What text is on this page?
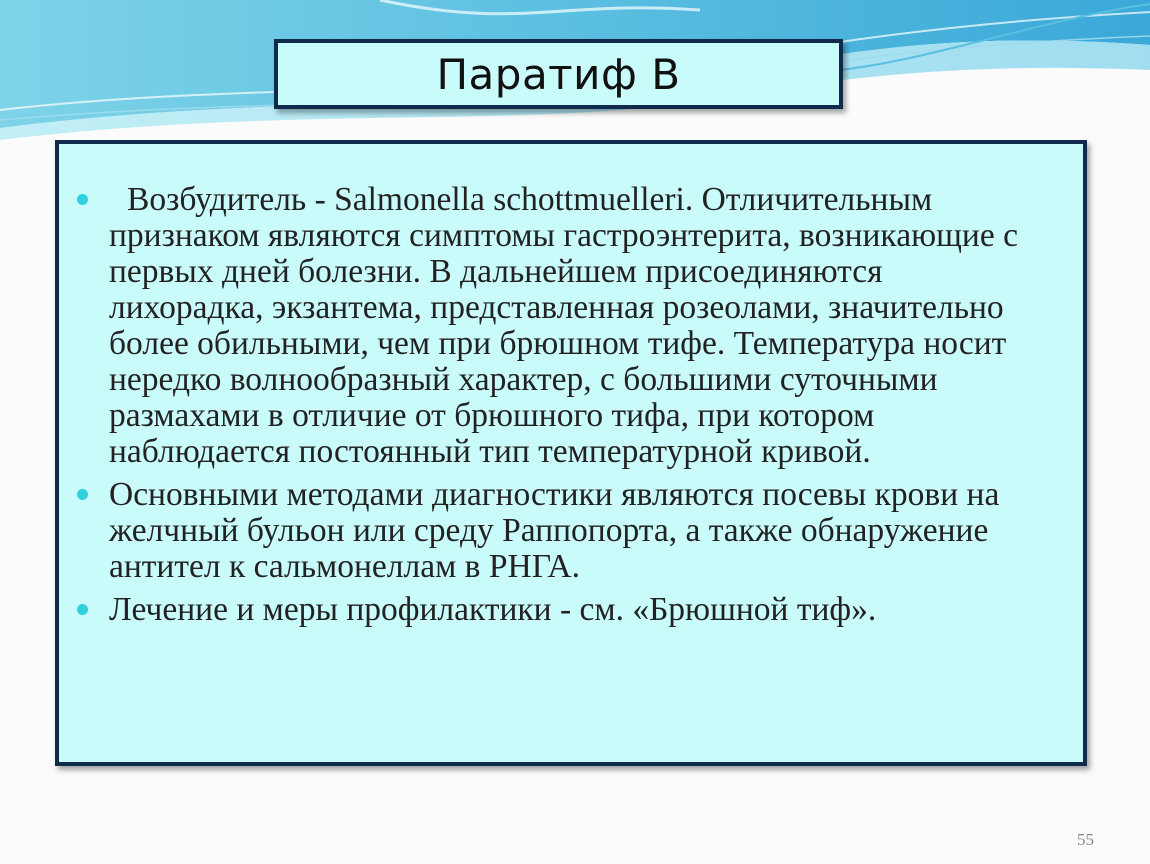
Паратиф В
Возбудитель - Salmonella schottmuelleri. Отличительным признаком являются симптомы гастроэнтерита, возникающие с первых дней болезни. В дальнейшем присоединяются лихорадка, экзантема, представленная розеолами, значительно более обильными, чем при брюшном тифе. Температура носит нередко волнообразный характер, с большими суточными размахами в отличие от брюшного тифа, при котором наблюдается постоянный тип температурной кривой.
Основными методами диагностики являются посевы крови на желчный бульон или среду Раппопорта, а также обнаружение антител к сальмонеллам в РНГА.
Лечение и меры профилактики - см. «Брюшной тиф».
55
